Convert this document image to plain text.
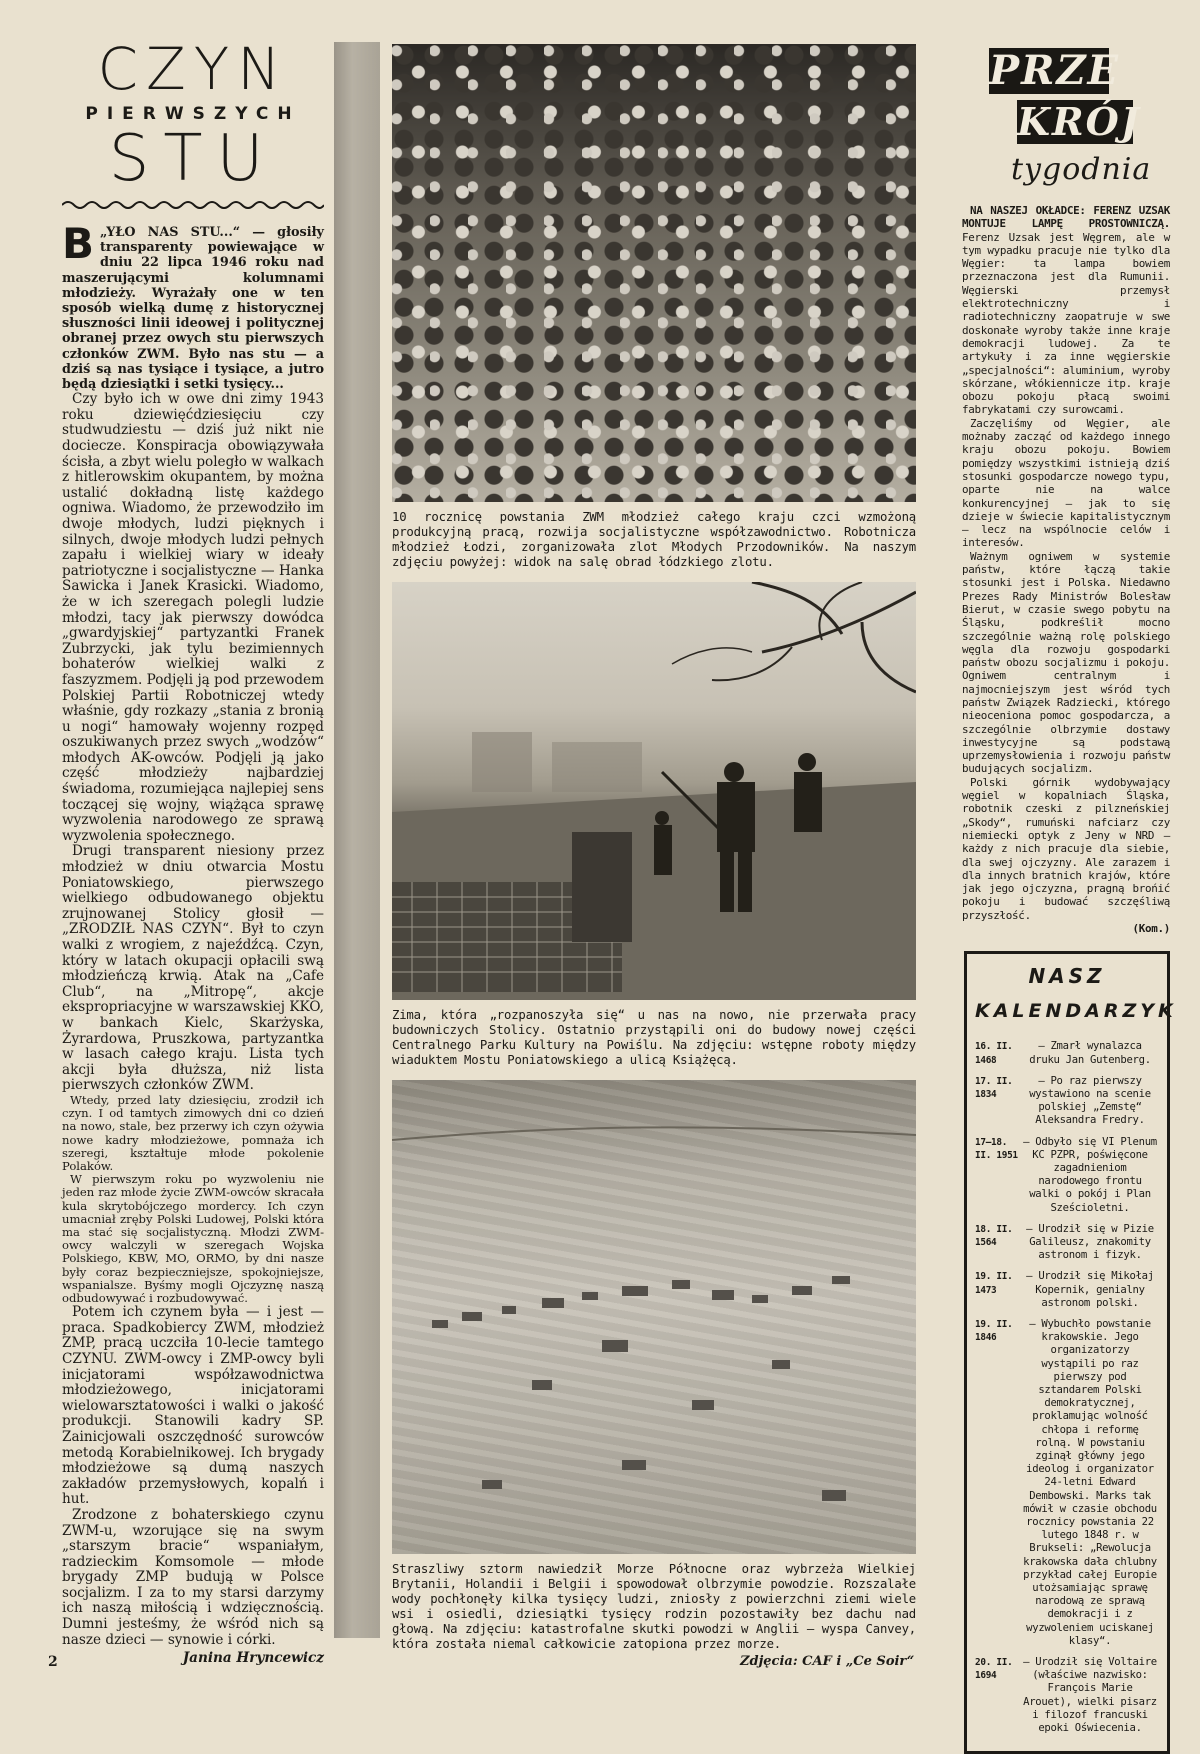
CZYN
PIERWSZYCH
STU

B „YŁO NAS STU...“ — głosiły transparenty powiewające w dniu 22 lipca 1946 roku nad maszerującymi kolumnami młodzieży. Wyrażały one w ten sposób wielką dumę z historycznej słuszności linii ideowej i politycznej obranej przez owych stu pierwszych członków ZWM. Było nas stu — a dziś są nas tysiące i tysiące, a jutro będą dziesiątki i setki tysięcy...

Czy było ich w owe dni zimy 1943 roku dziewięćdziesięciu czy studwudziestu — dziś już nikt nie dociecze. Konspiracja obowiązywała ścisła, a zbyt wielu poległo w walkach z hitlerowskim okupantem, by można ustalić dokładną listę każdego ogniwa. Wiadomo, że przewodziło im dwoje młodych, ludzi pięknych i silnych, dwoje młodych ludzi pełnych zapału i wielkiej wiary w ideały patriotyczne i socjalistyczne — Hanka Sawicka i Janek Krasicki. Wiadomo, że w ich szeregach polegli ludzie młodzi, tacy jak pierwszy dowódca „gwardyjskiej“ partyzantki Franek Zubrzycki, jak tylu bezimiennych bohaterów wielkiej walki z faszyzmem. Podjęli ją pod przewodem Polskiej Partii Robotniczej wtedy właśnie, gdy rozkazy „stania z bronią u nogi“ hamowały wojenny rozpęd oszukiwanych przez swych „wodzów“ młodych AK-owców. Podjęli ją jako część młodzieży najbardziej świadoma, rozumiejąca najlepiej sens toczącej się wojny, wiążąca sprawę wyzwolenia narodowego ze sprawą wyzwolenia społecznego.

Drugi transparent niesiony przez młodzież w dniu otwarcia Mostu Poniatowskiego, pierwszego wielkiego odbudowanego objektu zrujnowanej Stolicy głosił — „ZRODZIŁ NAS CZYN“. Był to czyn walki z wrogiem, z najeźdźcą. Czyn, który w latach okupacji opłacili swą młodzieńczą krwią. Atak na „Cafe Club“, na „Mitropę“, akcje ekspropriacyjne w warszawskiej KKO, w bankach Kielc, Skarżyska, Żyrardowa, Pruszkowa, partyzantka w lasach całego kraju. Lista tych akcji była dłuższa, niż lista pierwszych członków ZWM.

Wtedy, przed laty dziesięciu, zrodził ich czyn. I od tamtych zimowych dni co dzień na nowo, stale, bez przerwy ich czyn ożywia nowe kadry młodzieżowe, pomnaża ich szeregi, kształtuje młode pokolenie Polaków.

W pierwszym roku po wyzwoleniu nie jeden raz młode życie ZWM-owców skracała kula skrytobójczego mordercy. Ich czyn umacniał zręby Polski Ludowej, Polski która ma stać się socjalistyczną. Młodzi ZWM-owcy walczyli w szeregach Wojska Polskiego, KBW, MO, ORMO, by dni nasze były coraz bezpieczniejsze, spokojniejsze, wspanialsze. Byśmy mogli Ojczyznę naszą odbudowywać i rozbudowywać.

Potem ich czynem była — i jest — praca. Spadkobiercy ZWM, młodzież ZMP, pracą uczciła 10-lecie tamtego CZYNU. ZWM-owcy i ZMP-owcy byli inicjatorami współzawodnictwa młodzieżowego, inicjatorami wielowarsztatowości i walki o jakość produkcji. Stanowili kadry SP. Zainicjowali oszczędność surowców metodą Korabielnikowej. Ich brygady młodzieżowe są dumą naszych zakładów przemysłowych, kopalń i hut.

Zrodzone z bohaterskiego czynu ZWM-u, wzorujące się na swym „starszym bracie“ wspaniałym, radzieckim Komsomole — młode brygady ZMP budują w Polsce socjalizm. I za to my starsi darzymy ich naszą miłością i wdzięcznością. Dumni jesteśmy, że wśród nich są nasze dzieci — synowie i córki.

Janina Hryncewicz

10 rocznicę powstania ZWM młodzież całego kraju czci wzmożoną produkcyjną pracą, rozwija socjalistyczne współzawodnictwo. Robotnicza młodzież Łodzi, zorganizowała zlot Młodych Przodowników. Na naszym zdjęciu powyżej: widok na salę obrad łódzkiego zlotu.

Zima, która „rozpanoszyła się“ u nas na nowo, nie przerwała pracy budowniczych Stolicy. Ostatnio przystąpili oni do budowy nowej części Centralnego Parku Kultury na Powiślu. Na zdjęciu: wstępne roboty między wiaduktem Mostu Poniatowskiego a ulicą Książęcą.

Straszliwy sztorm nawiedził Morze Północne oraz wybrzeża Wielkiej Brytanii, Holandii i Belgii i spowodował olbrzymie powodzie. Rozszalałe wody pochłonęły kilka tysięcy ludzi, zniosły z powierzchni ziemi wiele wsi i osiedli, dziesiątki tysięcy rodzin pozostawiły bez dachu nad głową. Na zdjęciu: katastrofalne skutki powodzi w Anglii — wyspa Canvey, która została niemal całkowicie zatopiona przez morze.

PRZE
KRÓJ
tygodnia

NA NASZEJ OKŁADCE: FERENZ UZSAK MONTUJE LAMPĘ PROSTOWNICZĄ. Ferenz Uzsak jest Węgrem, ale w tym wypadku pracuje nie tylko dla Węgier: ta lampa bowiem przeznaczona jest dla Rumunii. Węgierski przemysł elektrotechniczny i radiotechniczny zaopatruje w swe doskonałe wyroby także inne kraje demokracji ludowej. Za te artykuły i za inne węgierskie „specjalności“: aluminium, wyroby skórzane, włókiennicze itp. kraje obozu pokoju płacą swoimi fabrykatami czy surowcami.

Zaczęliśmy od Węgier, ale możnaby zacząć od każdego innego kraju obozu pokoju. Bowiem pomiędzy wszystkimi istnieją dziś stosunki gospodarcze nowego typu, oparte nie na walce konkurencyjnej — jak to się dzieje w świecie kapitalistycznym — lecz na wspólnocie celów i interesów.

Ważnym ogniwem w systemie państw, które łączą takie stosunki jest i Polska. Niedawno Prezes Rady Ministrów Bolesław Bierut, w czasie swego pobytu na Śląsku, podkreślił mocno szczególnie ważną rolę polskiego węgla dla rozwoju gospodarki państw obozu socjalizmu i pokoju. Ogniwem centralnym i najmocniejszym jest wśród tych państw Związek Radziecki, którego nieoceniona pomoc gospodarcza, a szczególnie olbrzymie dostawy inwestycyjne są podstawą uprzemysłowienia i rozwoju państw budujących socjalizm.

Polski górnik wydobywający węgiel w kopalniach Śląska, robotnik czeski z pilzneńskiej „Skody“, rumuński nafciarz czy niemiecki optyk z Jeny w NRD — każdy z nich pracuje dla siebie, dla swej ojczyzny. Ale zarazem i dla innych bratnich krajów, które jak jego ojczyzna, pragną brońić pokoju i budować szczęśliwą przyszłość.

(Kom.)
NASZ
KALENDARZYK
16. II. 1468
— Zmarł wynalazca druku Jan Gutenberg.
17. II. 1834
— Po raz pierwszy wystawiono na scenie polskiej „Zemstę“ Aleksandra Fredry.
17—18. II. 1951
— Odbyło się VI Plenum KC PZPR, poświęcone zagadnieniom narodowego frontu walki o pokój i Plan Sześcioletni.
18. II. 1564
— Urodził się w Pizie Galileusz, znakomity astronom i fizyk.
19. II. 1473
— Urodził się Mikołaj Kopernik, genialny astronom polski.
19. II. 1846
— Wybuchło powstanie krakowskie. Jego organizatorzy wystąpili po raz pierwszy pod sztandarem Polski demokratycznej, proklamując wolność chłopa i reformę rolną. W powstaniu zginął główny jego ideolog i organizator 24-letni Edward Dembowski. Marks tak mówił w czasie obchodu rocznicy powstania 22 lutego 1848 r. w Brukseli: „Rewolucja krakowska dała chlubny przykład całej Europie utożsamiając sprawę narodową ze sprawą demokracji i z wyzwoleniem uciskanej klasy“.
20. II. 1694
— Urodził się Voltaire (właściwe nazwisko: François Marie Arouet), wielki pisarz i filozof francuski epoki Oświecenia.
2	Zdjęcia: CAF i „Ce Soir“
